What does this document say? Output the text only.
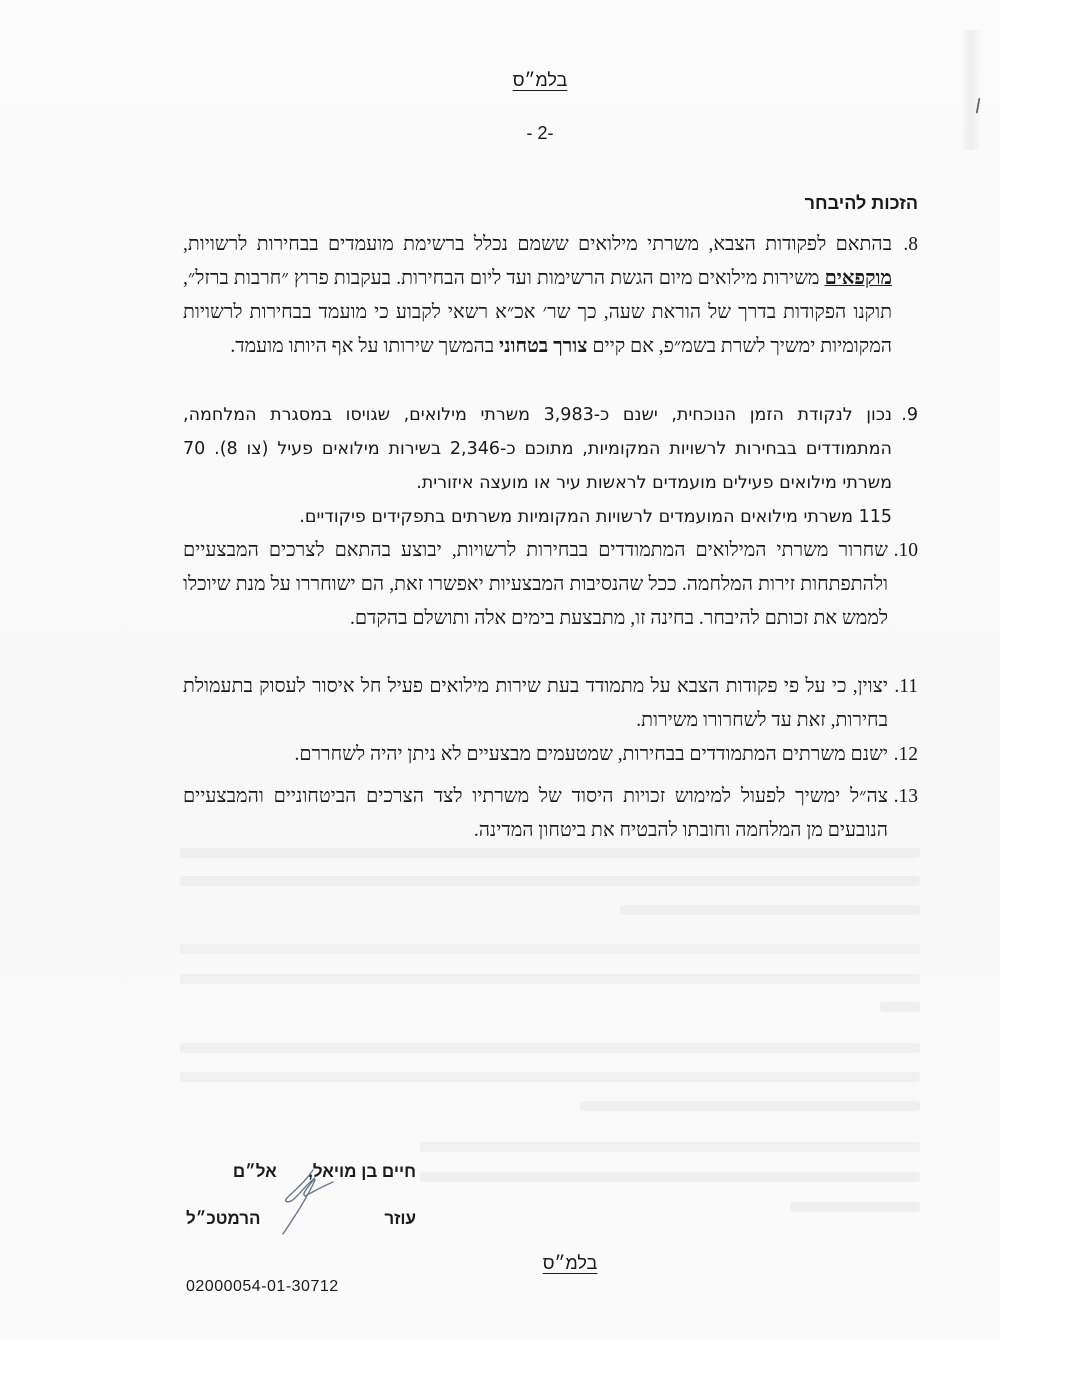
בלמ״ס
- 2-
הזכות להיבחר
8.
בהתאם לפקודות הצבא, משרתי מילואים ששמם נכלל ברשימת מועמדים בבחירות לרשויות, מוקפאים משירות מילואים מיום הגשת הרשימות ועד ליום הבחירות. בעקבות פרוץ ״חרבות ברזל״, תוקנו הפקודות בדרך של הוראת שעה, כך שר׳ אכ״א רשאי לקבוע כי מועמד בבחירות לרשויות המקומיות ימשיך לשרת בשמ״פ, אם קיים צורך בטחוני בהמשך שירותו על אף היותו מועמד.
9.
נכון לנקודת הזמן הנוכחית, ישנם כ-3,983 משרתי מילואים, שגויסו במסגרת המלחמה, המתמודדים בבחירות לרשויות המקומיות, מתוכם כ-2,346 בשירות מילואים פעיל (צו 8). 70 משרתי מילואים פעילים מועמדים לראשות עיר או מועצה איזורית.
115 משרתי מילואים המועמדים לרשויות המקומיות משרתים בתפקידים פיקודיים.
10.
שחרור משרתי המילואים המתמודדים בבחירות לרשויות, יבוצע בהתאם לצרכים המבצעיים ולהתפתחות זירות המלחמה. ככל שהנסיבות המבצעיות יאפשרו זאת, הם ישוחררו על מנת שיוכלו לממש את זכותם להיבחר. בחינה זו, מתבצעת בימים אלה ותושלם בהקדם.
11.
יצוין, כי על פי פקודות הצבא על מתמודד בעת שירות מילואים פעיל חל איסור לעסוק בתעמולת בחירות, זאת עד לשחרורו משירות.
12.
ישנם משרתים המתמודדים בבחירות, שמטעמים מבצעיים לא ניתן יהיה לשחררם.
13.
צה״ל ימשיך לפעול למימוש זכויות היסוד של משרתיו לצד הצרכים הביטחוניים והמבצעיים הנובעים מן המלחמה וחובתו להבטיח את ביטחון המדינה.
חיים בן מויאל,  אל״ם
עוזר
הרמטכ״ל
בלמ״ס
02000054-01-30712
